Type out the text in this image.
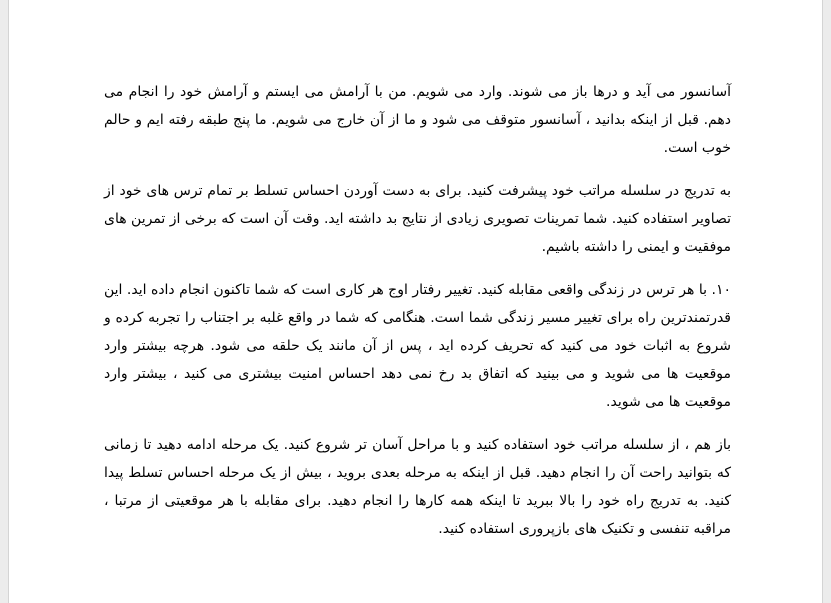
آسانسور می آید و درها باز می شوند. وارد می شویم. من با آرامش می ایستم و آرامش خود را انجام می دهم. قبل از اینکه بدانید ، آسانسور متوقف می شود و ما از آن خارج می شویم. ما پنج طبقه رفته ایم و حالم خوب است.

به تدریج در سلسله مراتب خود پیشرفت کنید. برای به دست آوردن احساس تسلط بر تمام ترس های خود از تصاویر استفاده کنید. شما تمرینات تصویری زیادی از نتایج بد داشته اید. وقت آن است که برخی از تمرین های موفقیت و ایمنی را داشته باشیم.

۱۰. با هر ترس در زندگی واقعی مقابله کنید. تغییر رفتار اوج هر کاری است که شما تاکنون انجام داده اید. این قدرتمندترین راه برای تغییر مسیر زندگی شما است. هنگامی که شما در واقع غلبه بر اجتناب را تجربه کرده و شروع به اثبات خود می کنید که تحریف کرده اید ، پس از آن مانند یک حلقه می شود. هرچه بیشتر وارد موقعیت ها می شوید و می بینید که اتفاق بد رخ نمی دهد احساس امنیت بیشتری می کنید ، بیشتر وارد موقعیت ها می شوید.

باز هم ، از سلسله مراتب خود استفاده کنید و با مراحل آسان تر شروع کنید. یک مرحله ادامه دهید تا زمانی که بتوانید راحت آن را انجام دهید. قبل از اینکه به مرحله بعدی بروید ، بیش از یک مرحله احساس تسلط پیدا کنید. به تدریج راه خود را بالا ببرید تا اینکه همه کارها را انجام دهید. برای مقابله با هر موقعیتی از مرتبا ، مراقبه تنفسی و تکنیک های بازپروری استفاده کنید.
